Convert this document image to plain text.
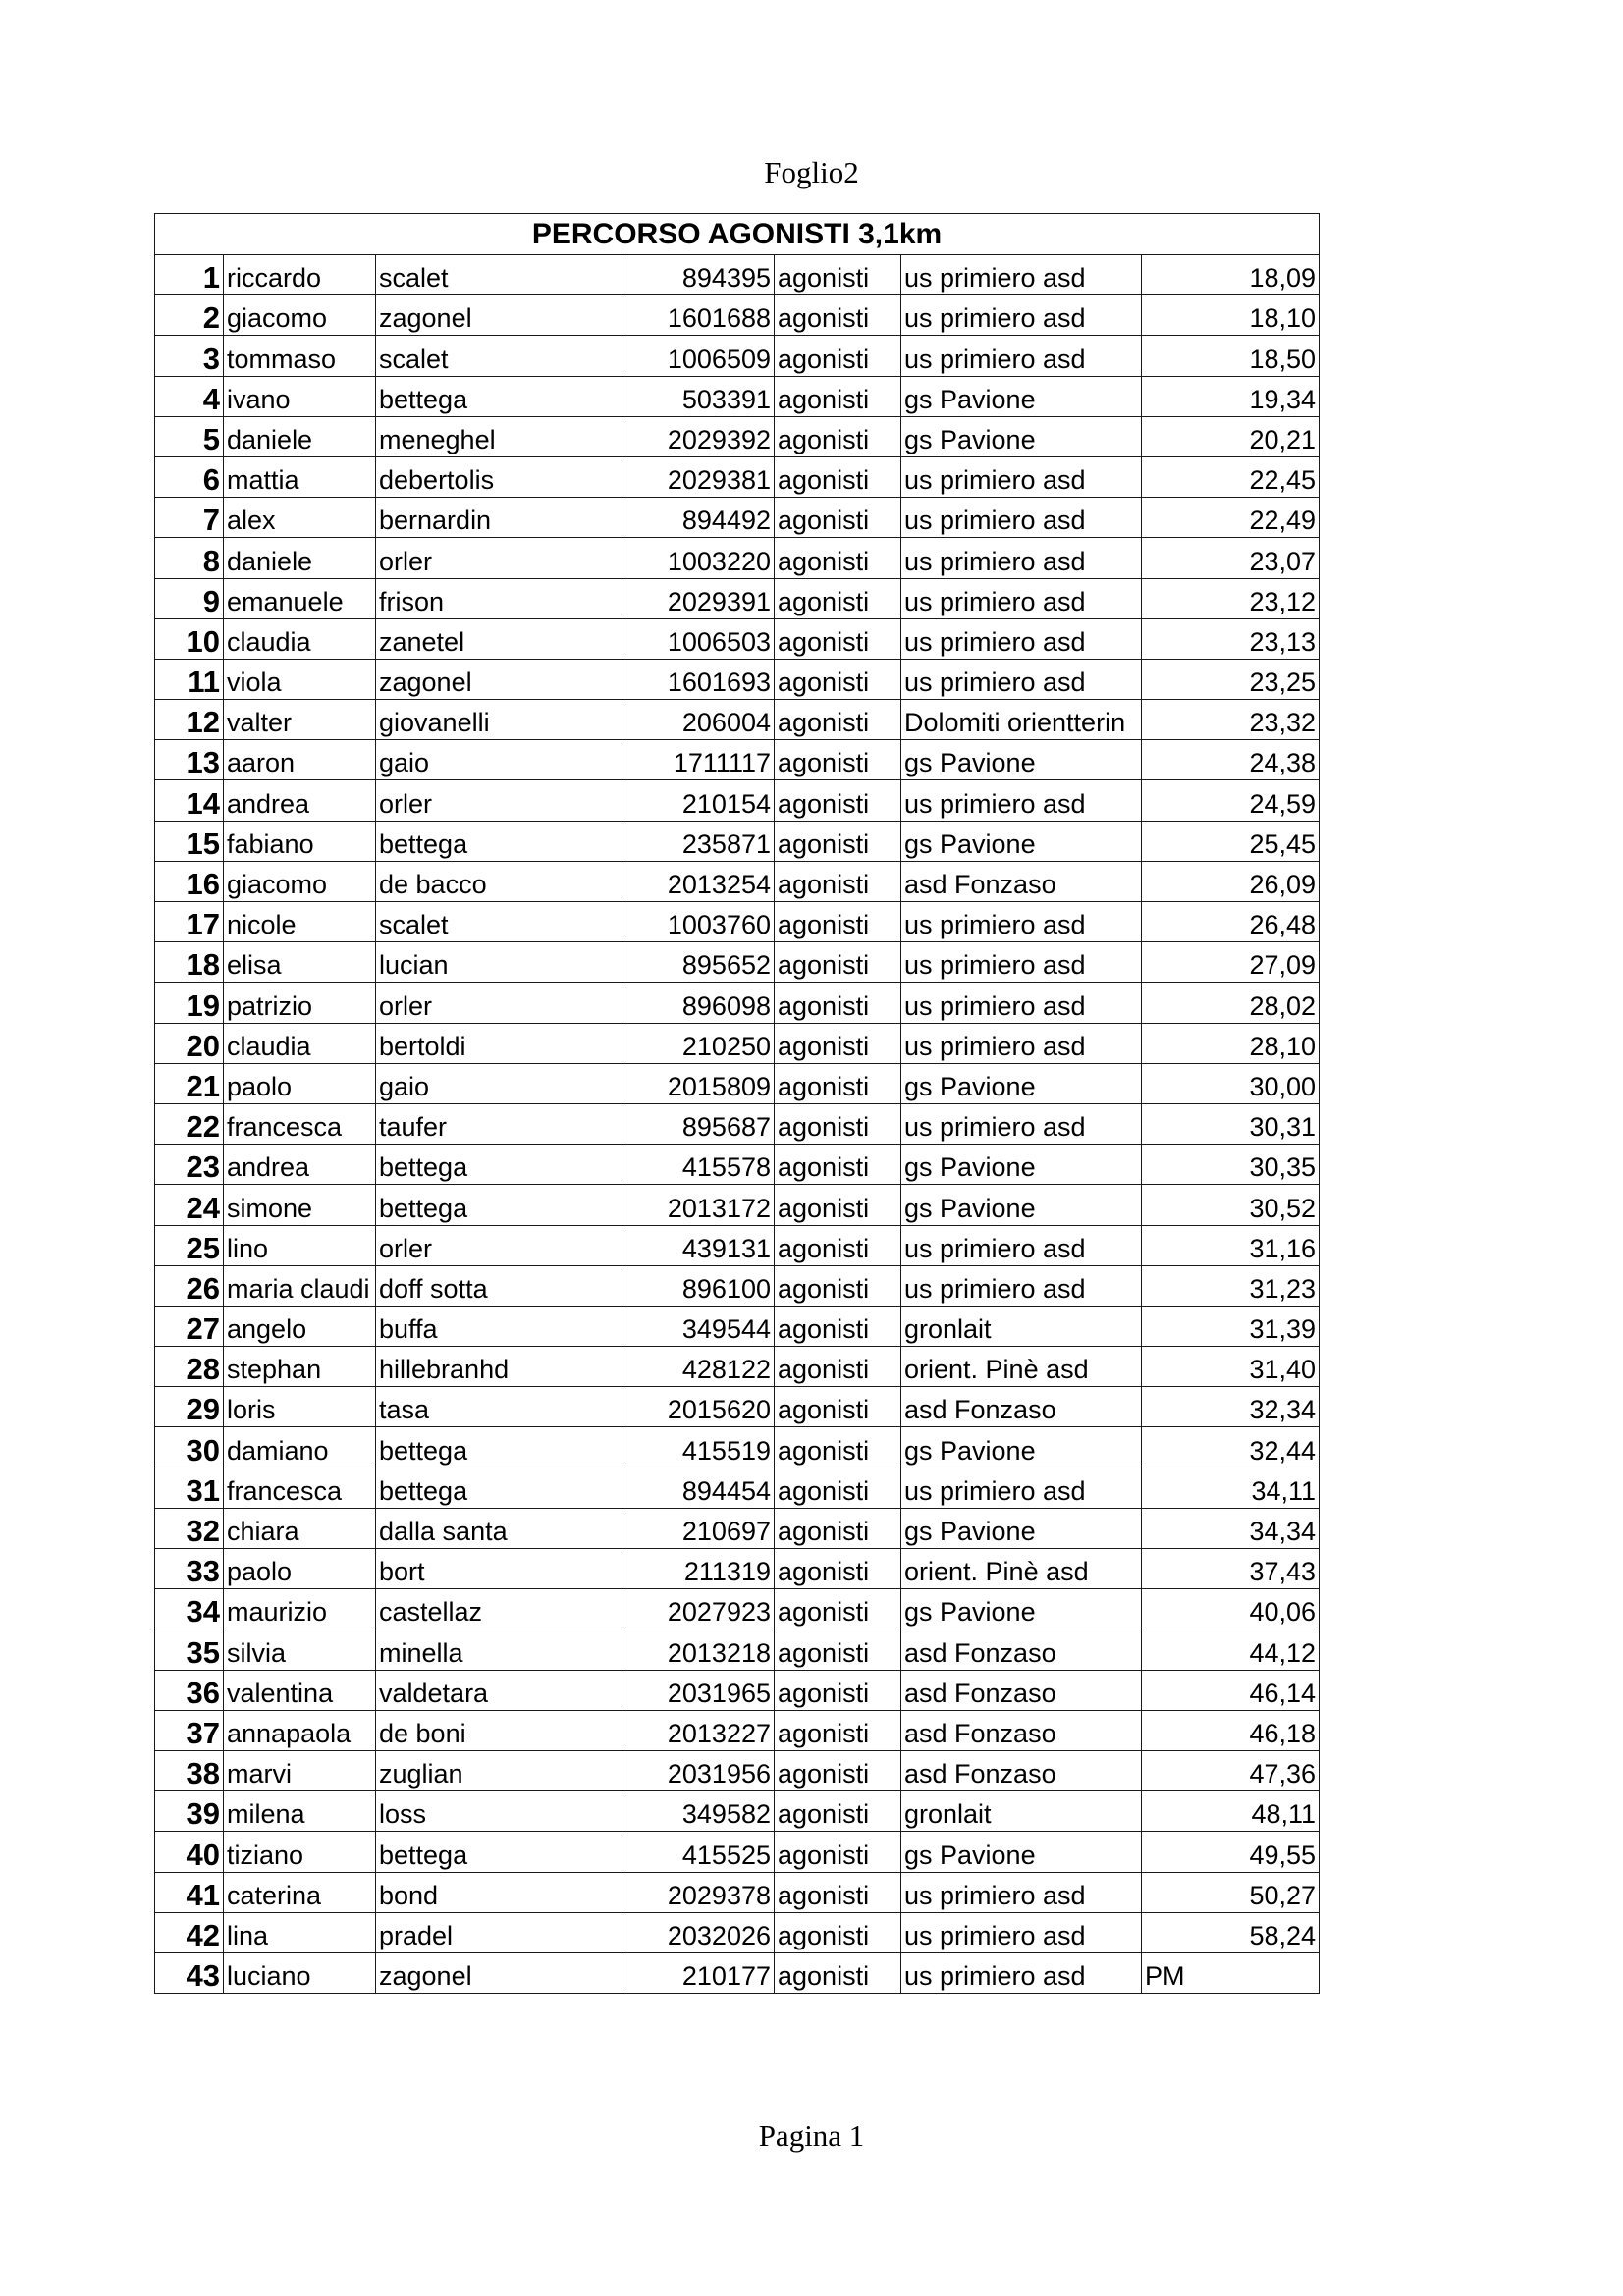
Foglio2
PERCORSO AGONISTI 3,1km						
1	riccardo	scalet	894395	agonisti	us primiero asd	18,09
2	giacomo	zagonel	1601688	agonisti	us primiero asd	18,10
3	tommaso	scalet	1006509	agonisti	us primiero asd	18,50
4	ivano	bettega	503391	agonisti	gs Pavione	19,34
5	daniele	meneghel	2029392	agonisti	gs Pavione	20,21
6	mattia	debertolis	2029381	agonisti	us primiero asd	22,45
7	alex	bernardin	894492	agonisti	us primiero asd	22,49
8	daniele	orler	1003220	agonisti	us primiero asd	23,07
9	emanuele	frison	2029391	agonisti	us primiero asd	23,12
10	claudia	zanetel	1006503	agonisti	us primiero asd	23,13
11	viola	zagonel	1601693	agonisti	us primiero asd	23,25
12	valter	giovanelli	206004	agonisti	Dolomiti orientterin	23,32
13	aaron	gaio	1711117	agonisti	gs Pavione	24,38
14	andrea	orler	210154	agonisti	us primiero asd	24,59
15	fabiano	bettega	235871	agonisti	gs Pavione	25,45
16	giacomo	de bacco	2013254	agonisti	asd Fonzaso	26,09
17	nicole	scalet	1003760	agonisti	us primiero asd	26,48
18	elisa	lucian	895652	agonisti	us primiero asd	27,09
19	patrizio	orler	896098	agonisti	us primiero asd	28,02
20	claudia	bertoldi	210250	agonisti	us primiero asd	28,10
21	paolo	gaio	2015809	agonisti	gs Pavione	30,00
22	francesca	taufer	895687	agonisti	us primiero asd	30,31
23	andrea	bettega	415578	agonisti	gs Pavione	30,35
24	simone	bettega	2013172	agonisti	gs Pavione	30,52
25	lino	orler	439131	agonisti	us primiero asd	31,16
26	maria claudi	doff sotta	896100	agonisti	us primiero asd	31,23
27	angelo	buffa	349544	agonisti	gronlait	31,39
28	stephan	hillebranhd	428122	agonisti	orient. Pinè asd	31,40
29	loris	tasa	2015620	agonisti	asd Fonzaso	32,34
30	damiano	bettega	415519	agonisti	gs Pavione	32,44
31	francesca	bettega	894454	agonisti	us primiero asd	34,11
32	chiara	dalla santa	210697	agonisti	gs Pavione	34,34
33	paolo	bort	211319	agonisti	orient. Pinè asd	37,43
34	maurizio	castellaz	2027923	agonisti	gs Pavione	40,06
35	silvia	minella	2013218	agonisti	asd Fonzaso	44,12
36	valentina	valdetara	2031965	agonisti	asd Fonzaso	46,14
37	annapaola	de boni	2013227	agonisti	asd Fonzaso	46,18
38	marvi	zuglian	2031956	agonisti	asd Fonzaso	47,36
39	milena	loss	349582	agonisti	gronlait	48,11
40	tiziano	bettega	415525	agonisti	gs Pavione	49,55
41	caterina	bond	2029378	agonisti	us primiero asd	50,27
42	lina	pradel	2032026	agonisti	us primiero asd	58,24
43	luciano	zagonel	210177	agonisti	us primiero asd	PM
Pagina 1
